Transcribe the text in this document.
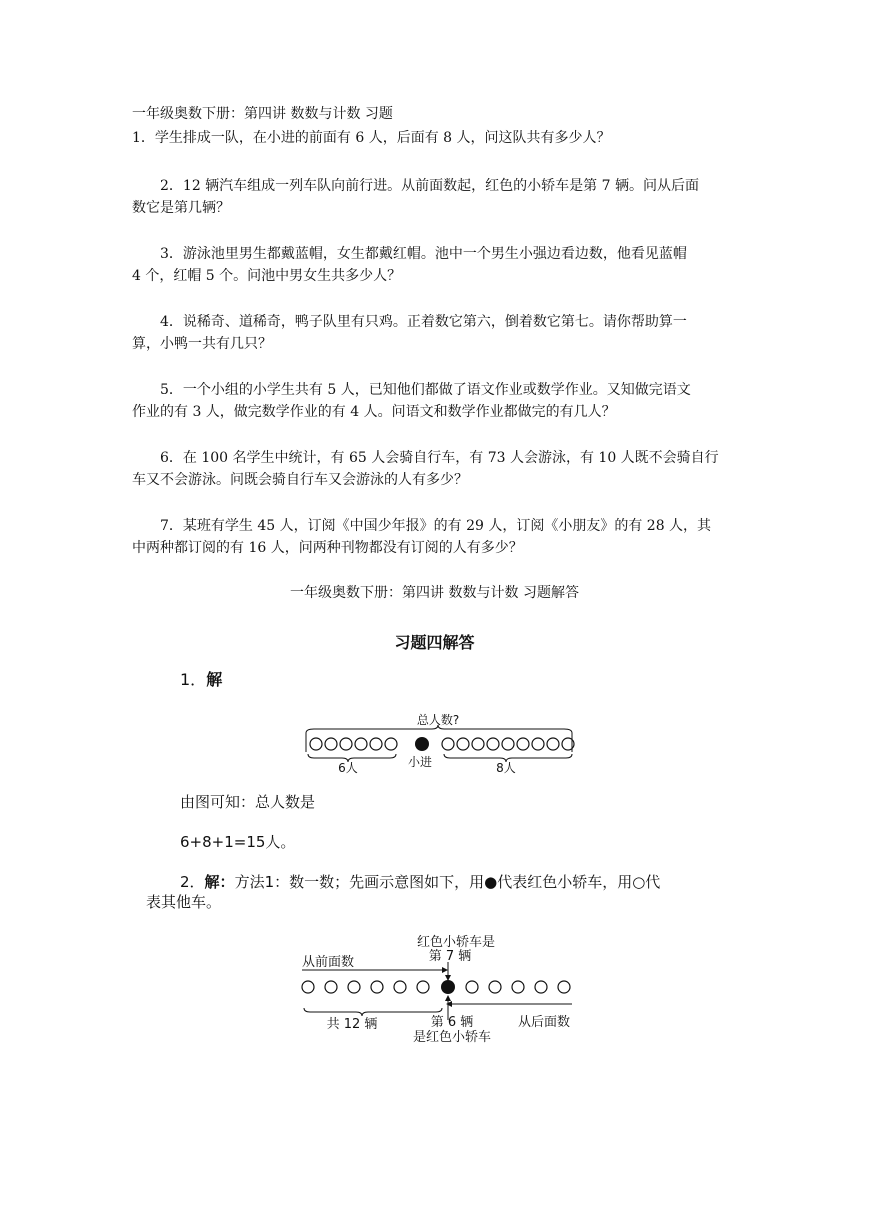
一年级奥数下册：第四讲 数数与计数 习题
1．学生排成一队，在小进的前面有 6 人，后面有 8 人，问这队共有多少人？
2．12 辆汽车组成一列车队向前行进。从前面数起，红色的小轿车是第 7 辆。问从后面
数它是第几辆？
3．游泳池里男生都戴蓝帽，女生都戴红帽。池中一个男生小强边看边数，他看见蓝帽
4 个，红帽 5 个。问池中男女生共多少人？
4．说稀奇、道稀奇，鸭子队里有只鸡。正着数它第六，倒着数它第七。请你帮助算一
算，小鸭一共有几只？
5．一个小组的小学生共有 5 人，已知他们都做了语文作业或数学作业。又知做完语文
作业的有 3 人，做完数学作业的有 4 人。问语文和数学作业都做完的有几人？
6．在 100 名学生中统计，有 65 人会骑自行车，有 73 人会游泳，有 10 人既不会骑自行
车又不会游泳。问既会骑自行车又会游泳的人有多少？
7．某班有学生 45 人，订阅《中国少年报》的有 29 人，订阅《小朋友》的有 28 人，其
中两种都订阅的有 16 人，问两种刊物都没有订阅的人有多少？
一年级奥数下册：第四讲 数数与计数 习题解答
习题四解答
1．解
总人数?
6人	小进	8人
由图可知：总人数是
6+8+1=15人。
2．解：方法1：数一数；先画示意图如下，用●代表红色小轿车，用○代
表其他车。
红色小轿车是
第 7 辆
从前面数
共 12 辆	第 6 辆
是红色小轿车
从后面数
